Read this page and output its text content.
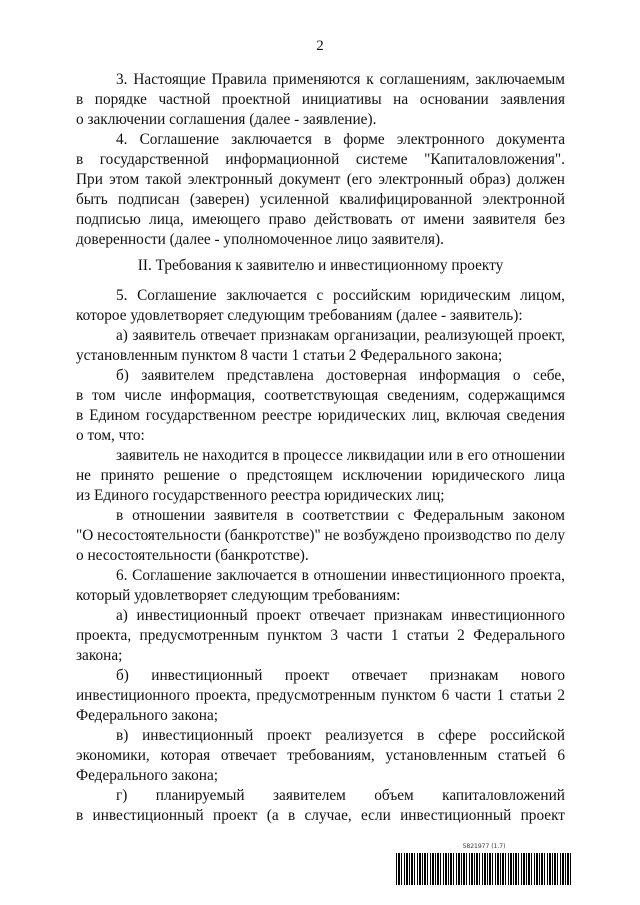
2
3. Настоящие Правила применяются к соглашениям, заключаемым
в порядке частной проектной инициативы на основании заявления
о заключении соглашения (далее - заявление).
4. Соглашение заключается в форме электронного документа
в государственной информационной системе "Капиталовложения".
При этом такой электронный документ (его электронный образ) должен
быть подписан (заверен) усиленной квалифицированной электронной
подписью лица, имеющего право действовать от имени заявителя без
доверенности (далее - уполномоченное лицо заявителя).
II. Требования к заявителю и инвестиционному проекту
5. Соглашение заключается с российским юридическим лицом,
которое удовлетворяет следующим требованиям (далее - заявитель):
а) заявитель отвечает признакам организации, реализующей проект,
установленным пунктом 8 части 1 статьи 2 Федерального закона;
б) заявителем представлена достоверная информация о себе,
в том числе информация, соответствующая сведениям, содержащимся
в Едином государственном реестре юридических лиц, включая сведения
о том, что:
заявитель не находится в процессе ликвидации или в его отношении
не принято решение о предстоящем исключении юридического лица
из Единого государственного реестра юридических лиц;
в отношении заявителя в соответствии с Федеральным законом
"О несостоятельности (банкротстве)" не возбуждено производство по делу
о несостоятельности (банкротстве).
6. Соглашение заключается в отношении инвестиционного проекта,
который удовлетворяет следующим требованиям:
а) инвестиционный проект отвечает признакам инвестиционного
проекта, предусмотренным пунктом 3 части 1 статьи 2 Федерального
закона;
б) инвестиционный проект отвечает признакам нового
инвестиционного проекта, предусмотренным пунктом 6 части 1 статьи 2
Федерального закона;
в) инвестиционный проект реализуется в сфере российской
экономики, которая отвечает требованиям, установленным статьей 6
Федерального закона;
г) планируемый заявителем объем капиталовложений
в инвестиционный проект (а в случае, если инвестиционный проект
5821977 (1.7)
